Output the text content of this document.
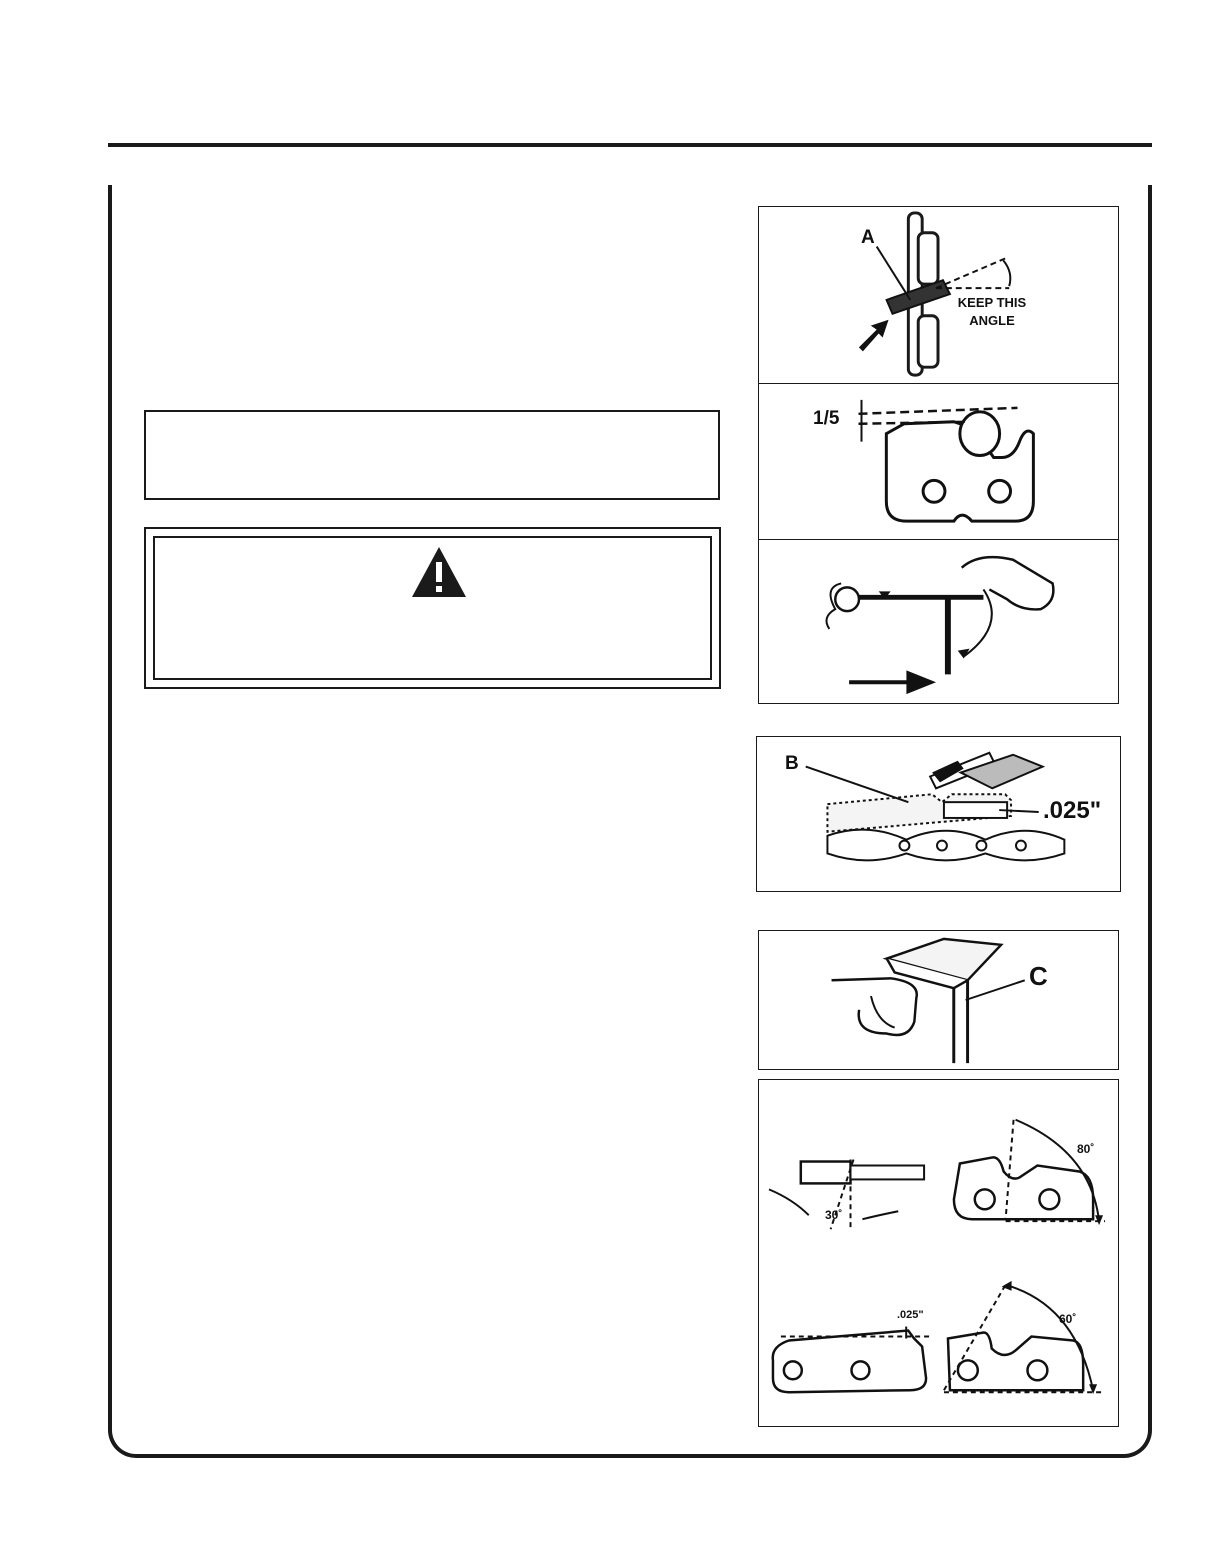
A
KEEP THIS
ANGLE
1/5
B
.025"
C
30˚
80˚
.025"	60˚
